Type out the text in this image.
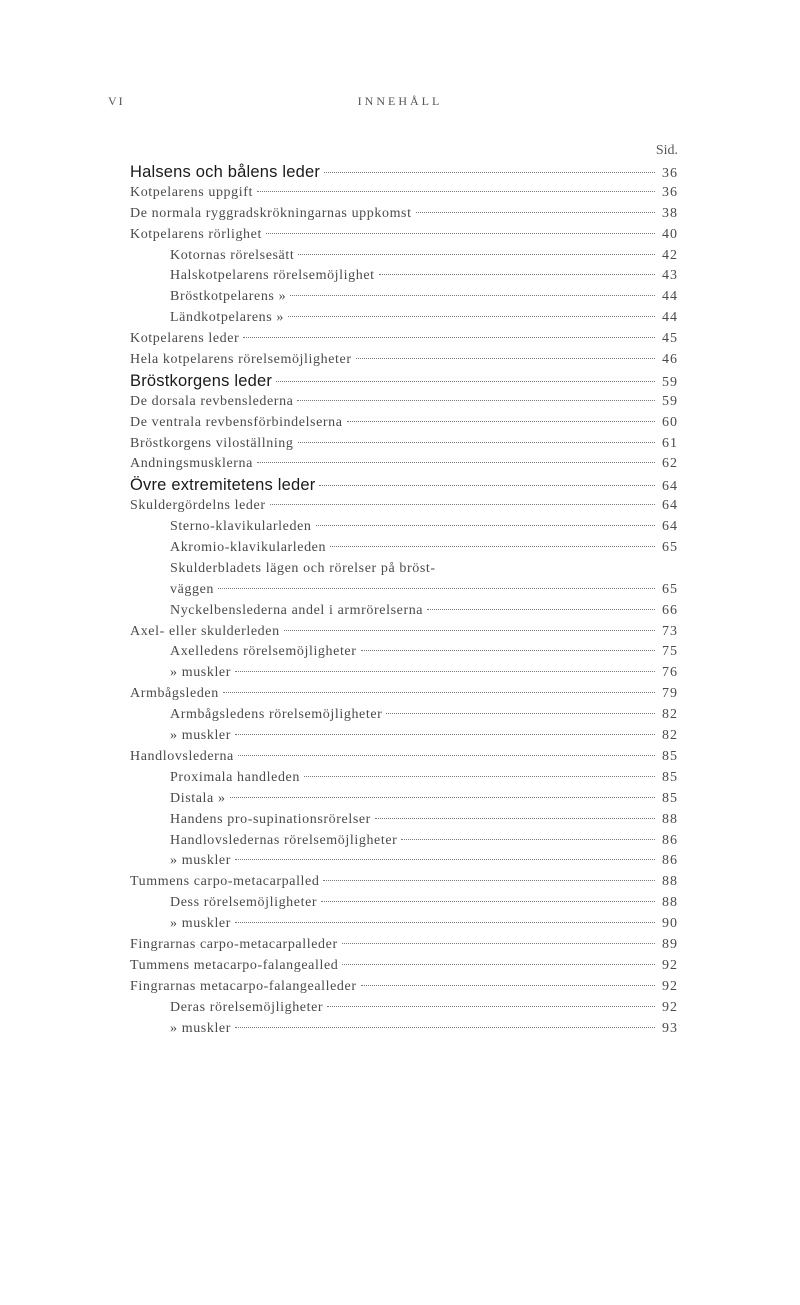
VI	INNEHÅLL
Sid.
Halsens och bålens leder	36
Kotpelarens uppgift	36
De normala ryggradskrökningarnas uppkomst	38
Kotpelarens rörlighet	40
Kotornas rörelsesätt	42
Halskotpelarens rörelsemöjlighet	43
Bröstkotpelarens »	44
Ländkotpelarens »	44
Kotpelarens leder	45
Hela kotpelarens rörelsemöjligheter	46
Bröstkorgens leder	59
De dorsala revbenslederna	59
De ventrala revbensförbindelserna	60
Bröstkorgens viloställning	61
Andningsmusklerna	62
Övre extremitetens leder	64
Skuldergördelns leder	64
Sterno-klavikularleden	64
Akromio-klavikularleden	65
Skulderbladets lägen och rörelser på bröst-
väggen	65
Nyckelbenslederna andel i armrörelserna	66
Axel- eller skulderleden	73
Axelledens rörelsemöjligheter	75
» muskler	76
Armbågsleden	79
Armbågsledens rörelsemöjligheter	82
» muskler	82
Handlovslederna	85
Proximala handleden	85
Distala »	85
Handens pro-supinationsrörelser	88
Handlovsledernas rörelsemöjligheter	86
» muskler	86
Tummens carpo-metacarpalled	88
Dess rörelsemöjligheter	88
» muskler	90
Fingrarnas carpo-metacarpalleder	89
Tummens metacarpo-falangealled	92
Fingrarnas metacarpo-falangealleder	92
Deras rörelsemöjligheter	92
» muskler	93
